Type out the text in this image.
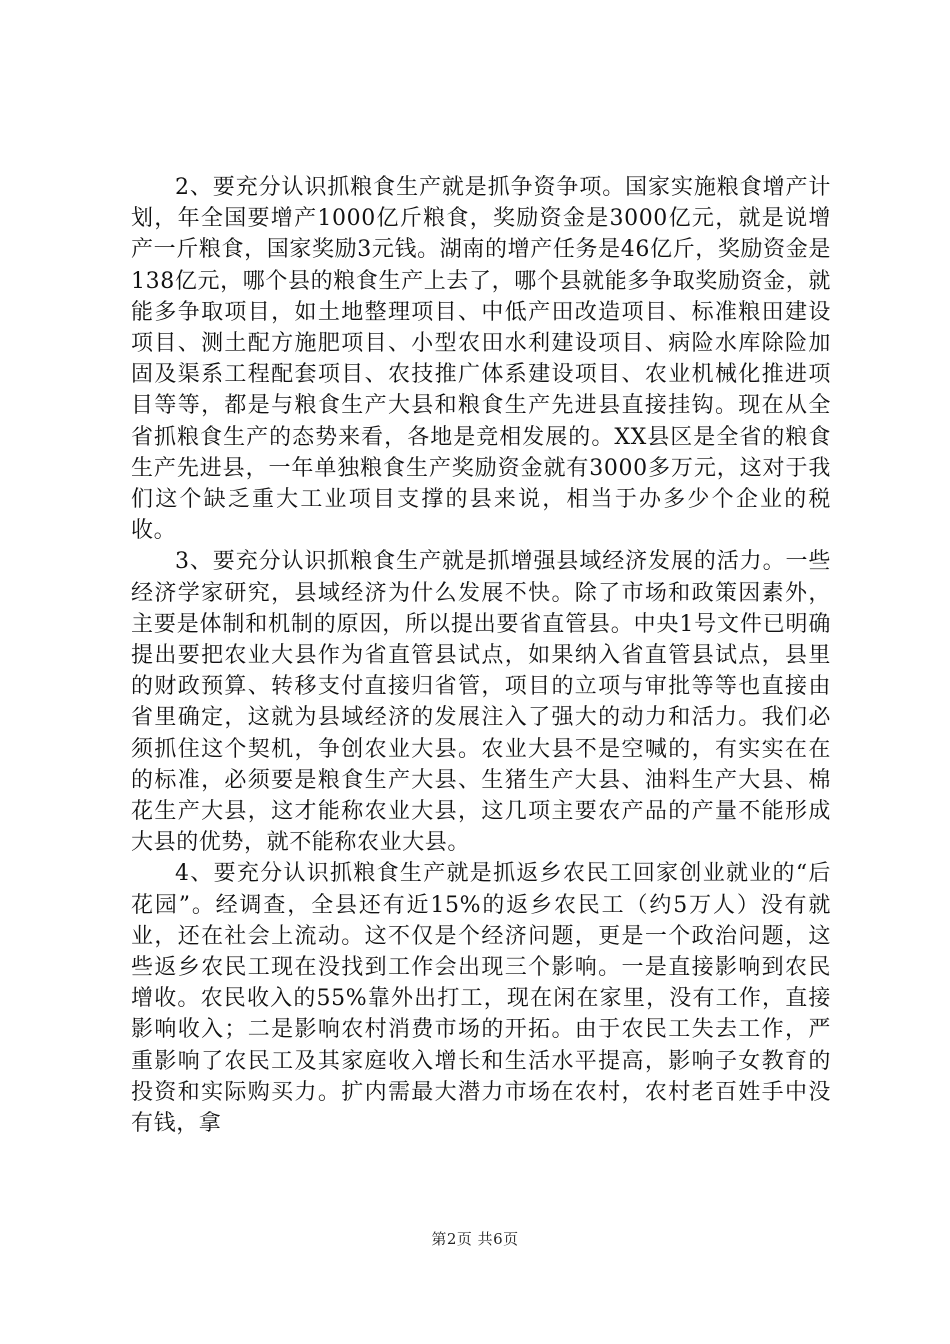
2、要充分认识抓粮食生产就是抓争资争项。国家实施粮食增产计划，年全国要增产1000亿斤粮食，奖励资金是3000亿元，就是说增产一斤粮食，国家奖励3元钱。湖南的增产任务是46亿斤，奖励资金是138亿元，哪个县的粮食生产上去了，哪个县就能多争取奖励资金，就能多争取项目，如土地整理项目、中低产田改造项目、标准粮田建设项目、测土配方施肥项目、小型农田水利建设项目、病险水库除险加固及渠系工程配套项目、农技推广体系建设项目、农业机械化推进项目等等，都是与粮食生产大县和粮食生产先进县直接挂钩。现在从全省抓粮食生产的态势来看，各地是竞相发展的。XX县区是全省的粮食生产先进县，一年单独粮食生产奖励资金就有3000多万元，这对于我们这个缺乏重大工业项目支撑的县来说，相当于办多少个企业的税收。

3、要充分认识抓粮食生产就是抓增强县域经济发展的活力。一些经济学家研究，县域经济为什么发展不快。除了市场和政策因素外，主要是体制和机制的原因，所以提出要省直管县。中央1号文件已明确提出要把农业大县作为省直管县试点，如果纳入省直管县试点，县里的财政预算、转移支付直接归省管，项目的立项与审批等等也直接由省里确定，这就为县域经济的发展注入了强大的动力和活力。我们必须抓住这个契机，争创农业大县。农业大县不是空喊的，有实实在在的标准，必须要是粮食生产大县、生猪生产大县、油料生产大县、棉花生产大县，这才能称农业大县，这几项主要农产品的产量不能形成大县的优势，就不能称农业大县。

4、要充分认识抓粮食生产就是抓返乡农民工回家创业就业的“后花园”。经调查，全县还有近15%的返乡农民工（约5万人）没有就业，还在社会上流动。这不仅是个经济问题，更是一个政治问题，这些返乡农民工现在没找到工作会出现三个影响。一是直接影响到农民增收。农民收入的55%靠外出打工，现在闲在家里，没有工作，直接影响收入；二是影响农村消费市场的开拓。由于农民工失去工作，严重影响了农民工及其家庭收入增长和生活水平提高，影响子女教育的投资和实际购买力。扩内需最大潜力市场在农村，农村老百姓手中没有钱，拿

第2页 共6页
